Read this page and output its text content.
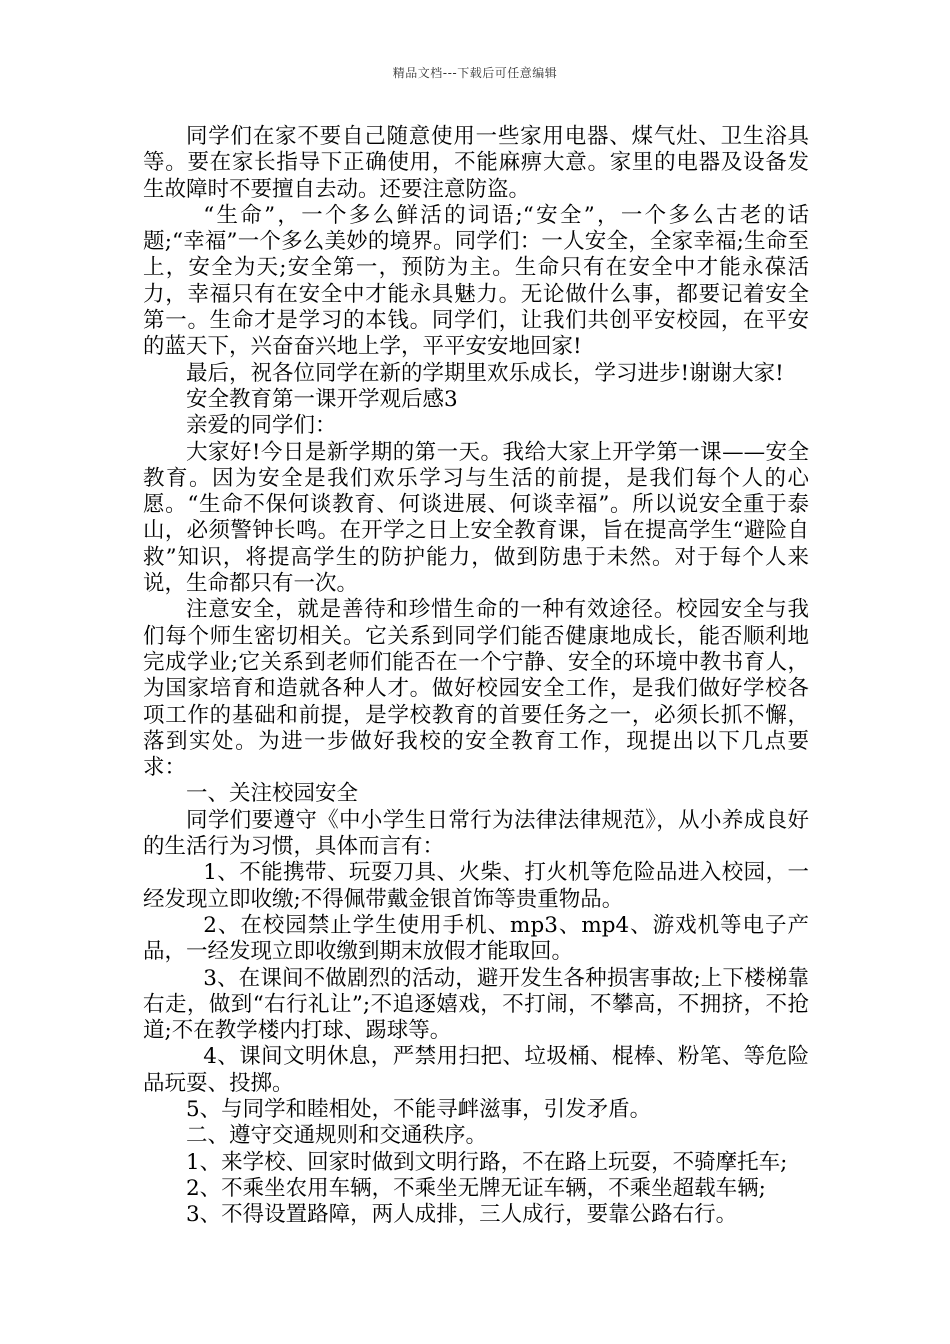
精品文档---下载后可任意编辑

同学们在家不要自己随意使用一些家用电器、煤气灶、卫生浴具等。要在家长指导下正确使用，不能麻痹大意。家里的电器及设备发生故障时不要擅自去动。还要注意防盗。

“生命”，一个多么鲜活的词语;“安全”，一个多么古老的话题;“幸福”一个多么美妙的境界。同学们：一人安全，全家幸福;生命至上，安全为天;安全第一，预防为主。生命只有在安全中才能永葆活力，幸福只有在安全中才能永具魅力。无论做什么事，都要记着安全第一。生命才是学习的本钱。同学们，让我们共创平安校园，在平安的蓝天下，兴奋奋兴地上学，平平安安地回家!

最后，祝各位同学在新的学期里欢乐成长，学习进步!谢谢大家!

安全教育第一课开学观后感3

亲爱的同学们：

大家好!今日是新学期的第一天。我给大家上开学第一课——安全教育。因为安全是我们欢乐学习与生活的前提，是我们每个人的心愿。“生命不保何谈教育、何谈进展、何谈幸福”。所以说安全重于泰山，必须警钟长鸣。在开学之日上安全教育课，旨在提高学生“避险自救”知识，将提高学生的防护能力，做到防患于未然。对于每个人来说，生命都只有一次。

注意安全，就是善待和珍惜生命的一种有效途径。校园安全与我们每个师生密切相关。它关系到同学们能否健康地成长，能否顺利地完成学业;它关系到老师们能否在一个宁静、安全的环境中教书育人，为国家培育和造就各种人才。做好校园安全工作，是我们做好学校各项工作的基础和前提，是学校教育的首要任务之一，必须长抓不懈，落到实处。为进一步做好我校的安全教育工作，现提出以下几点要求：

一、关注校园安全

同学们要遵守《中小学生日常行为法律法律规范》，从小养成良好的生活行为习惯，具体而言有：

1、不能携带、玩耍刀具、火柴、打火机等危险品进入校园，一经发现立即收缴;不得佩带戴金银首饰等贵重物品。

2、在校园禁止学生使用手机、mp3、mp4、游戏机等电子产品，一经发现立即收缴到期末放假才能取回。

3、在课间不做剧烈的活动，避开发生各种损害事故;上下楼梯靠右走，做到“右行礼让”;不追逐嬉戏，不打闹，不攀高，不拥挤，不抢道;不在教学楼内打球、踢球等。

4、课间文明休息，严禁用扫把、垃圾桶、棍棒、粉笔、等危险品玩耍、投掷。

5、与同学和睦相处，不能寻衅滋事，引发矛盾。

二、遵守交通规则和交通秩序。

1、来学校、回家时做到文明行路，不在路上玩耍，不骑摩托车;

2、不乘坐农用车辆，不乘坐无牌无证车辆，不乘坐超载车辆;

3、不得设置路障，两人成排，三人成行，要靠公路右行。
